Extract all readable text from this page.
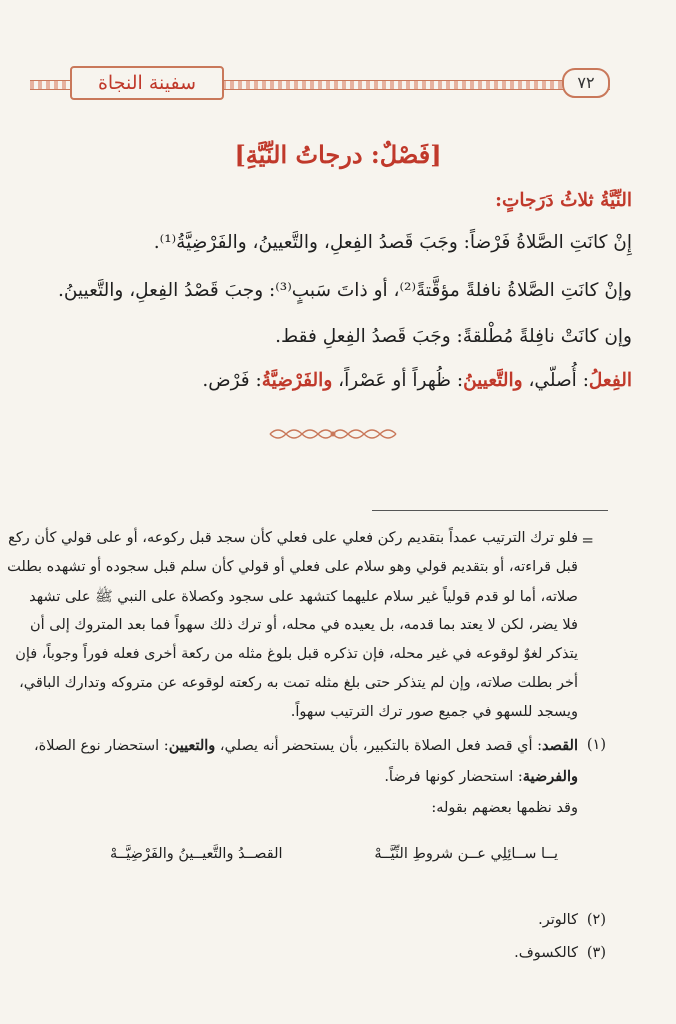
سفينة النجاة	٧٢
[فَصْلٌ: درجاتُ النِّيَّةِ]
النِّيَّةُ ثلاثُ دَرَجاتٍ:
إِنْ كانَتِ الصَّلاةُ فَرْضاً: وجَبَ قَصدُ الفِعلِ، والتَّعيينُ، والفَرْضِيَّةُ⁽¹⁾.
وإنْ كانَتِ الصَّلاةُ نافلةً مؤقَّتةً⁽²⁾، أو ذاتَ سَببٍ⁽³⁾: وجبَ قَصْدُ الفِعلِ، والتَّعيينُ.
وإن كانَتْ نافِلةً مُطْلقةً: وجَبَ قَصدُ الفِعلِ فقط.
الفِعلُ: أُصلّي، والتَّعيينُ: ظُهراً أو عَصْراً، والفَرْضِيَّةُ: فَرْض.
=
فلو ترك الترتيب عمداً بتقديم ركن فعلي على فعلي كأن سجد قبل ركوعه، أو على قولي كأن ركع
قبل قراءته، أو بتقديم قولي وهو سلام على فعلي أو قولي كأن سلم قبل سجوده أو تشهده بطلت
صلاته، أما لو قدم قولياً غير سلام عليهما كتشهد على سجود وكصلاة على النبي ﷺ على تشهد
فلا يضر، لكن لا يعتد بما قدمه، بل يعيده في محله، أو ترك ذلك سهواً فما بعد المتروك إلى أن
يتذكر لغوٌ لوقوعه في غير محله، فإن تذكره قبل بلوغ مثله من ركعة أخرى فعله فوراً وجوباً، فإن
أخر بطلت صلاته، وإن لم يتذكر حتى بلغ مثله تمت به ركعته لوقوعه عن متروكه وتدارك الباقي،
ويسجد للسهو في جميع صور ترك الترتيب سهواً.
(١)
القصد: أي قصد فعل الصلاة بالتكبير، بأن يستحضر أنه يصلي، والتعيين: استحضار نوع الصلاة،
والفرضية: استحضار كونها فرضاً.
وقد نظمها بعضهم بقوله:
يــا ســائِلِي عــن شروطِ النِّيَّــهْ
القصــدُ والتَّعيــينُ والفَرْضِيَّــهْ
(٢)
كالوتر.
(٣)
كالكسوف.
